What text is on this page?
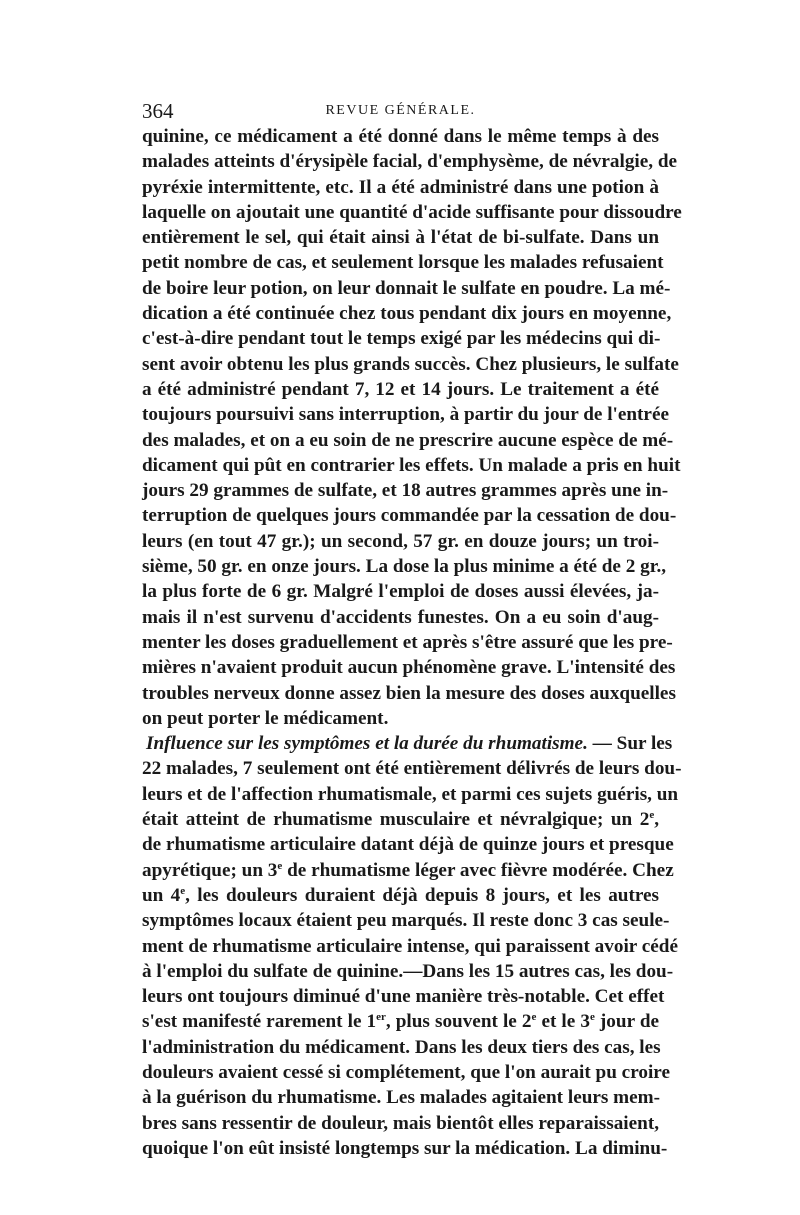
364	REVUE GÉNÉRALE.
quinine, ce médicament a été donné dans le même temps à des
malades atteints d'érysipèle facial, d'emphysème, de névralgie, de
pyréxie intermittente, etc. Il a été administré dans une potion à
laquelle on ajoutait une quantité d'acide suffisante pour dissoudre
entièrement le sel, qui était ainsi à l'état de bi-sulfate. Dans un
petit nombre de cas, et seulement lorsque les malades refusaient
de boire leur potion, on leur donnait le sulfate en poudre. La mé-
dication a été continuée chez tous pendant dix jours en moyenne,
c'est-à-dire pendant tout le temps exigé par les médecins qui di-
sent avoir obtenu les plus grands succès. Chez plusieurs, le sulfate
a été administré pendant 7, 12 et 14 jours. Le traitement a été
toujours poursuivi sans interruption, à partir du jour de l'entrée
des malades, et on a eu soin de ne prescrire aucune espèce de mé-
dicament qui pût en contrarier les effets. Un malade a pris en huit
jours 29 grammes de sulfate, et 18 autres grammes après une in-
terruption de quelques jours commandée par la cessation de dou-
leurs (en tout 47 gr.); un second, 57 gr. en douze jours; un troi-
sième, 50 gr. en onze jours. La dose la plus minime a été de 2 gr.,
la plus forte de 6 gr. Malgré l'emploi de doses aussi élevées, ja-
mais il n'est survenu d'accidents funestes. On a eu soin d'aug-
menter les doses graduellement et après s'être assuré que les pre-
mières n'avaient produit aucun phénomène grave. L'intensité des
troubles nerveux donne assez bien la mesure des doses auxquelles
on peut porter le médicament.
Influence sur les symptômes et la durée du rhumatisme. — Sur les
22 malades, 7 seulement ont été entièrement délivrés de leurs dou-
leurs et de l'affection rhumatismale, et parmi ces sujets guéris, un
était atteint de rhumatisme musculaire et névralgique; un 2e,
de rhumatisme articulaire datant déjà de quinze jours et presque
apyrétique; un 3e de rhumatisme léger avec fièvre modérée. Chez
un 4e, les douleurs duraient déjà depuis 8 jours, et les autres
symptômes locaux étaient peu marqués. Il reste donc 3 cas seule-
ment de rhumatisme articulaire intense, qui paraissent avoir cédé
à l'emploi du sulfate de quinine.—Dans les 15 autres cas, les dou-
leurs ont toujours diminué d'une manière très-notable. Cet effet
s'est manifesté rarement le 1er, plus souvent le 2e et le 3e jour de
l'administration du médicament. Dans les deux tiers des cas, les
douleurs avaient cessé si complétement, que l'on aurait pu croire
à la guérison du rhumatisme. Les malades agitaient leurs mem-
bres sans ressentir de douleur, mais bientôt elles reparaissaient,
quoique l'on eût insisté longtemps sur la médication. La diminu-
